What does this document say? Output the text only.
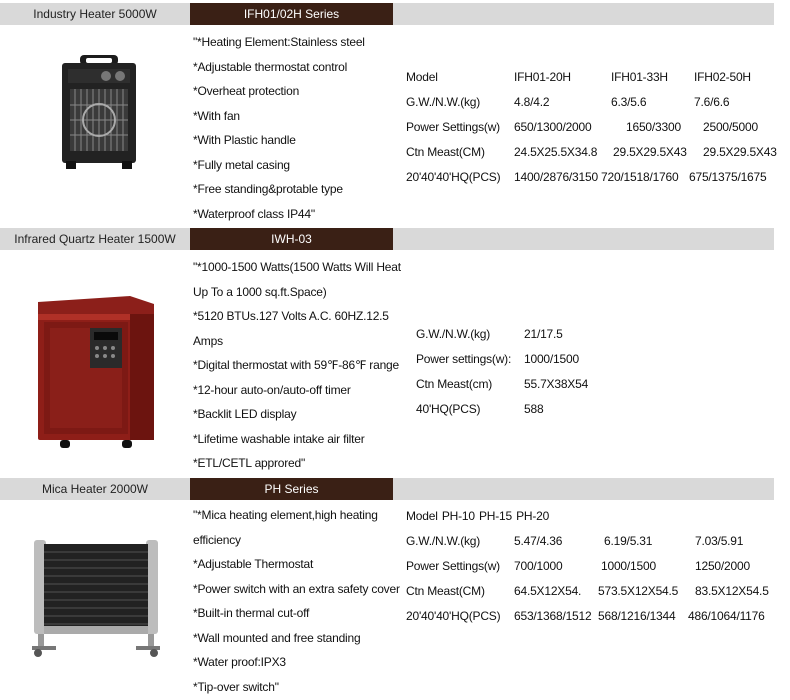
Industry Heater 5000W	IFH01/02H Series
"*Heating Element:Stainless steel
*Adjustable thermostat control
*Overheat protection
*With fan
*With Plastic handle
*Fully metal casing
*Free standing&protable type
*Waterproof class IP44"
Model	IFH01-20H	IFH01-33H IFH02-50H
G.W./N.W.(kg)	4.8/4.2	6.3/5.6	7.6/6.6
Power Settings(w) 650/1300/2000	1650/3300 2500/5000
Ctn Meast(CM) 24.5X25.5X34.8 29.5X29.5X43 29.5X29.5X43
20'40'40'HQ(PCS) 1400/2876/3150 720/1518/1760 675/1375/1675
Infrared Quartz Heater 1500W	IWH-03
"*1000-1500 Watts(1500 Watts Will Heat
Up To a 1000 sq.ft.Space)
*5120 BTUs.127 Volts A.C. 60HZ.12.5
Amps
*Digital thermostat with 59℉-86℉ range
*12-hour auto-on/auto-off timer
*Backlit LED display
*Lifetime washable intake air filter
*ETL/CETL approred"
G.W./N.W.(kg)	21/17.5
Power settings(w): 1000/1500
Ctn Meast(cm)	55.7X38X54
40'HQ(PCS)	588
Mica Heater 2000W	PH Series
"*Mica heating element,high heating
efficiency
*Adjustable Thermostat
*Power switch with an extra safety cover
*Built-in thermal cut-off
*Wall mounted and free standing
*Water proof:IPX3
*Tip-over switch"
Model PH-10 PH-15 PH-20
G.W./N.W.(kg)	5.47/4.36	6.19/5.31	7.03/5.91
Power Settings(w) 700/1000	1000/1500	1250/2000
Ctn Meast(CM) 64.5X12X54. 573.5X12X54.5 83.5X12X54.5
20'40'40'HQ(PCS) 653/1368/1512 568/1216/1344 486/1064/1176
